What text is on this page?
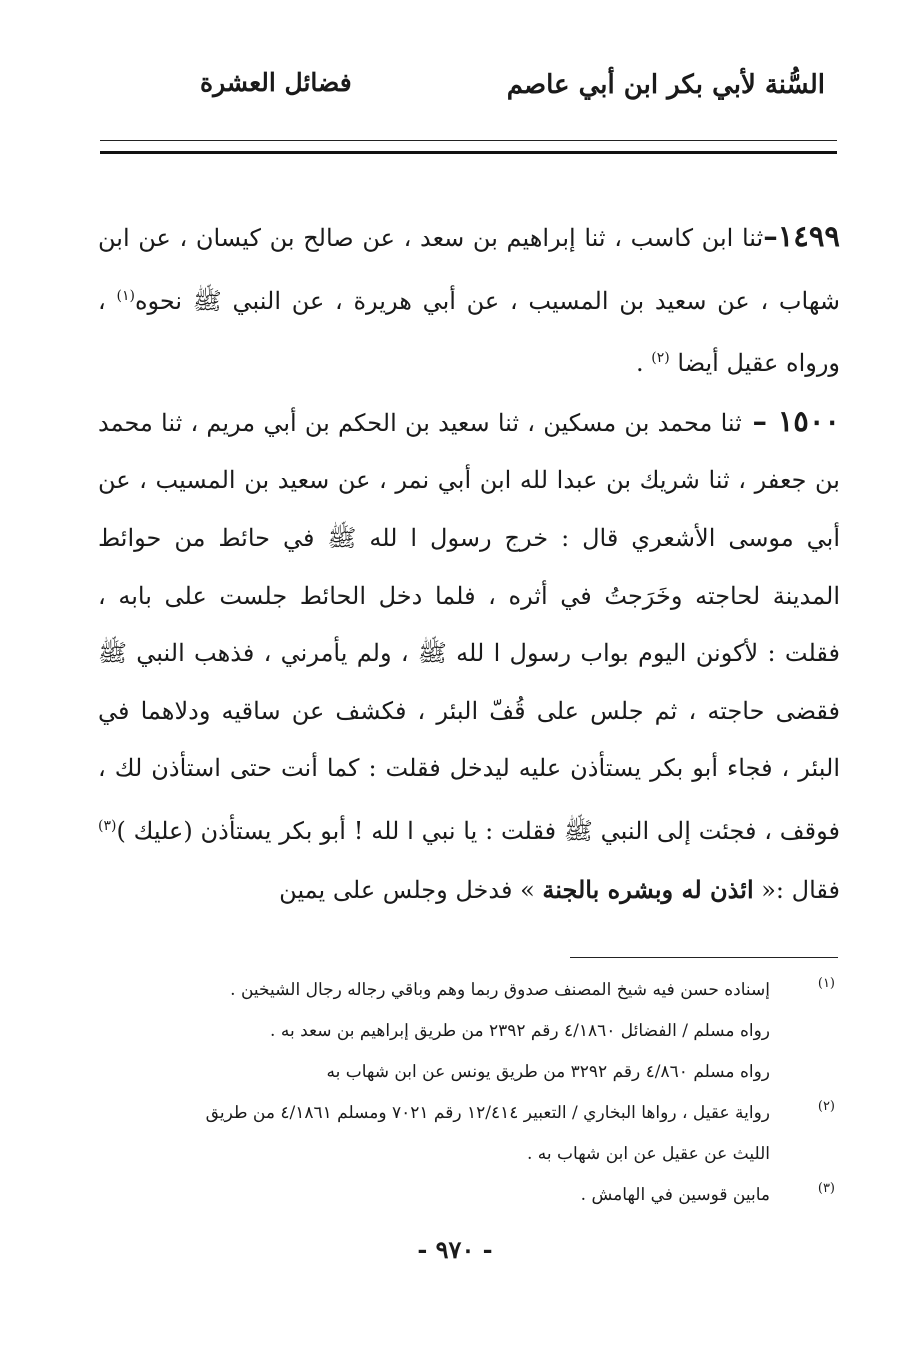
السُّنة لأبي بكر ابن أبي عاصم
فضائل العشرة

١٤٩٩–ثنا ابن كاسب ، ثنا إبراهيم بن سعد ، عن صالح بن كيسان ، عن ابن شهاب ، عن سعيد بن المسيب ، عن أبي هريرة ، عن النبي ﷺ نحوه$^{(١)}$ ، ورواه عقيل أيضا $^{(٢)}$ .

١٥٠٠ – ثنا محمد بن مسكين ، ثنا سعيد بن الحكم بن أبي مريم ، ثنا محمد بن جعفر ، ثنا شريك بن عبدا لله ابن أبي نمر ، عن سعيد بن المسيب ، عن أبي موسى الأشعري قال : خرج رسول ا لله ﷺ في حائط من حوائط المدينة لحاجته وخَرَجتُ في أثره ، فلما دخل الحائط جلست على بابه ، فقلت : لأكونن اليوم بواب رسول ا لله ﷺ ، ولم يأمرني ، فذهب النبي ﷺ فقضى حاجته ، ثم جلس على قُفّ البئر ، فكشف عن ساقيه ودلاهما في البئر ، فجاء أبو بكر يستأذن عليه ليدخل فقلت : كما أنت حتى استأذن لك ، فوقف ، فجئت إلى النبي ﷺ فقلت : يا نبي ا لله ! أبو بكر يستأذن (عليك )$^{(٣)}$ فقال :« ائذن له وبشره بالجنة » فدخل وجلس على يمين

(١)
إسناده حسن فيه شيخ المصنف صدوق ربما وهم وباقي رجاله رجال الشيخين .
رواه مسلم / الفضائل ٤/١٨٦٠ رقم ٢٣٩٢ من طريق إبراهيم بن سعد به .
رواه مسلم ٤/٨٦٠ رقم ٣٢٩٢ من طريق يونس عن ابن شهاب به
(٢)
رواية عقيل ، رواها البخاري / التعبير ١٢/٤١٤ رقم ٧٠٢١ ومسلم ٤/١٨٦١ من طريق
الليث عن عقيل عن ابن شهاب به .
(٣)
مابين قوسين في الهامش .
- ٩٧٠ -
